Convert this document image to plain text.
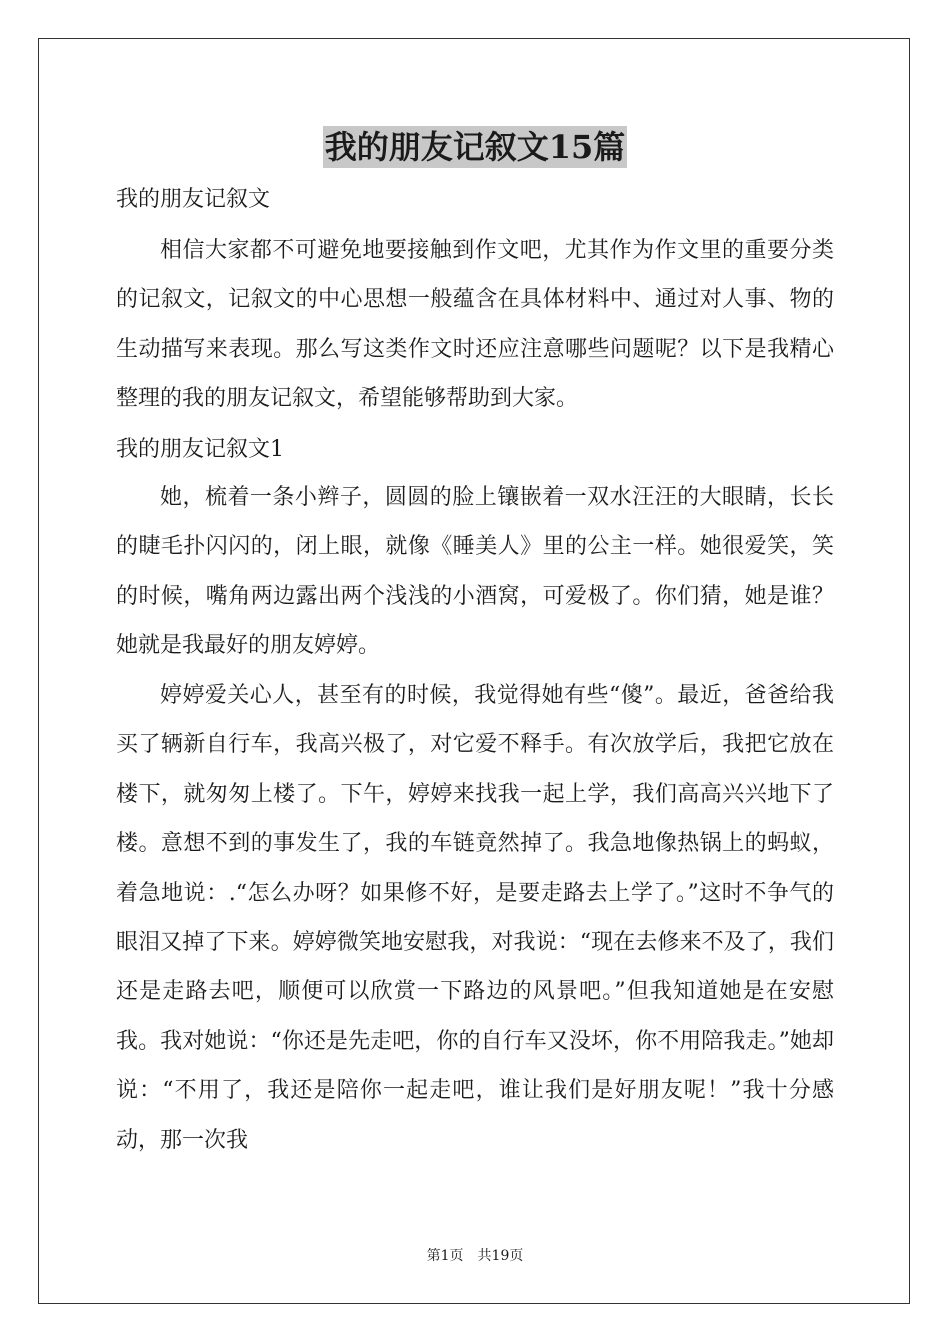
我的朋友记叙文15篇
我的朋友记叙文

相信大家都不可避免地要接触到作文吧，尤其作为作文里的重要分类的记叙文，记叙文的中心思想一般蕴含在具体材料中、通过对人事、物的生动描写来表现。那么写这类作文时还应注意哪些问题呢？以下是我精心整理的我的朋友记叙文，希望能够帮助到大家。

我的朋友记叙文1

她，梳着一条小辫子，圆圆的脸上镶嵌着一双水汪汪的大眼睛，长长的睫毛扑闪闪的，闭上眼，就像《睡美人》里的公主一样。她很爱笑，笑的时候，嘴角两边露出两个浅浅的小酒窝，可爱极了。你们猜，她是谁？她就是我最好的朋友婷婷。

婷婷爱关心人，甚至有的时候，我觉得她有些“傻”。最近，爸爸给我买了辆新自行车，我高兴极了，对它爱不释手。有次放学后，我把它放在楼下，就匆匆上楼了。下午，婷婷来找我一起上学，我们高高兴兴地下了楼。意想不到的事发生了，我的车链竟然掉了。我急地像热锅上的蚂蚁，着急地说：.“怎么办呀？如果修不好，是要走路去上学了。”这时不争气的眼泪又掉了下来。婷婷微笑地安慰我，对我说：“现在去修来不及了，我们还是走路去吧，顺便可以欣赏一下路边的风景吧。”但我知道她是在安慰我。我对她说：“你还是先走吧，你的自行车又没坏，你不用陪我走。”她却说：“不用了，我还是陪你一起走吧，谁让我们是好朋友呢！”我十分感动，那一次我

第1页 共19页
